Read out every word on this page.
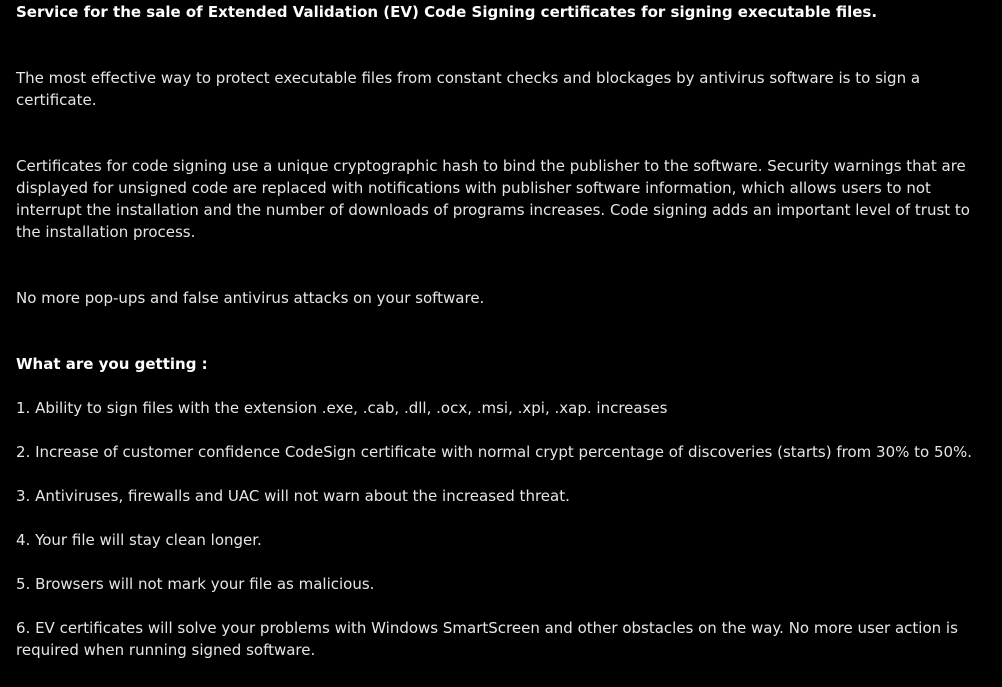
Service for the sale of Extended Validation (EV) Code Signing certificates for signing executable files.

The most effective way to protect executable files from constant checks and blockages by antivirus software is to sign a certificate.

Certificates for code signing use a unique cryptographic hash to bind the publisher to the software. Security warnings that are displayed for unsigned code are replaced with notifications with publisher software information, which allows users to not interrupt the installation and the number of downloads of programs increases. Code signing adds an important level of trust to the installation process.

No more pop-ups and false antivirus attacks on your software.

What are you getting :

1. Ability to sign files with the extension .exe, .cab, .dll, .ocx, .msi, .xpi, .xap. increases

2. Increase of customer confidence CodeSign certificate with normal crypt percentage of discoveries (starts) from 30% to 50%.

3. Antiviruses, firewalls and UAC will not warn about the increased threat.

4. Your file will stay clean longer.

5. Browsers will not mark your file as malicious.

6. EV certificates will solve your problems with Windows SmartScreen and other obstacles on the way. No more user action is required when running signed software.
